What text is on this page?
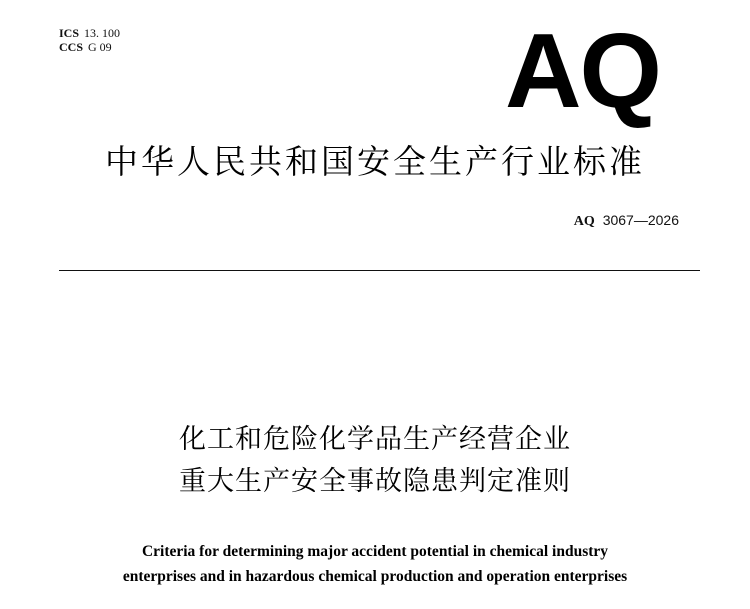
ICS 13. 100
CCS G 09	AQ
中华人民共和国安全生产行业标准
AQ 3067—2026
化工和危险化学品生产经营企业
重大生产安全事故隐患判定准则
Criteria for determining major accident potential in chemical industry
enterprises and in hazardous chemical production and operation enterprises
